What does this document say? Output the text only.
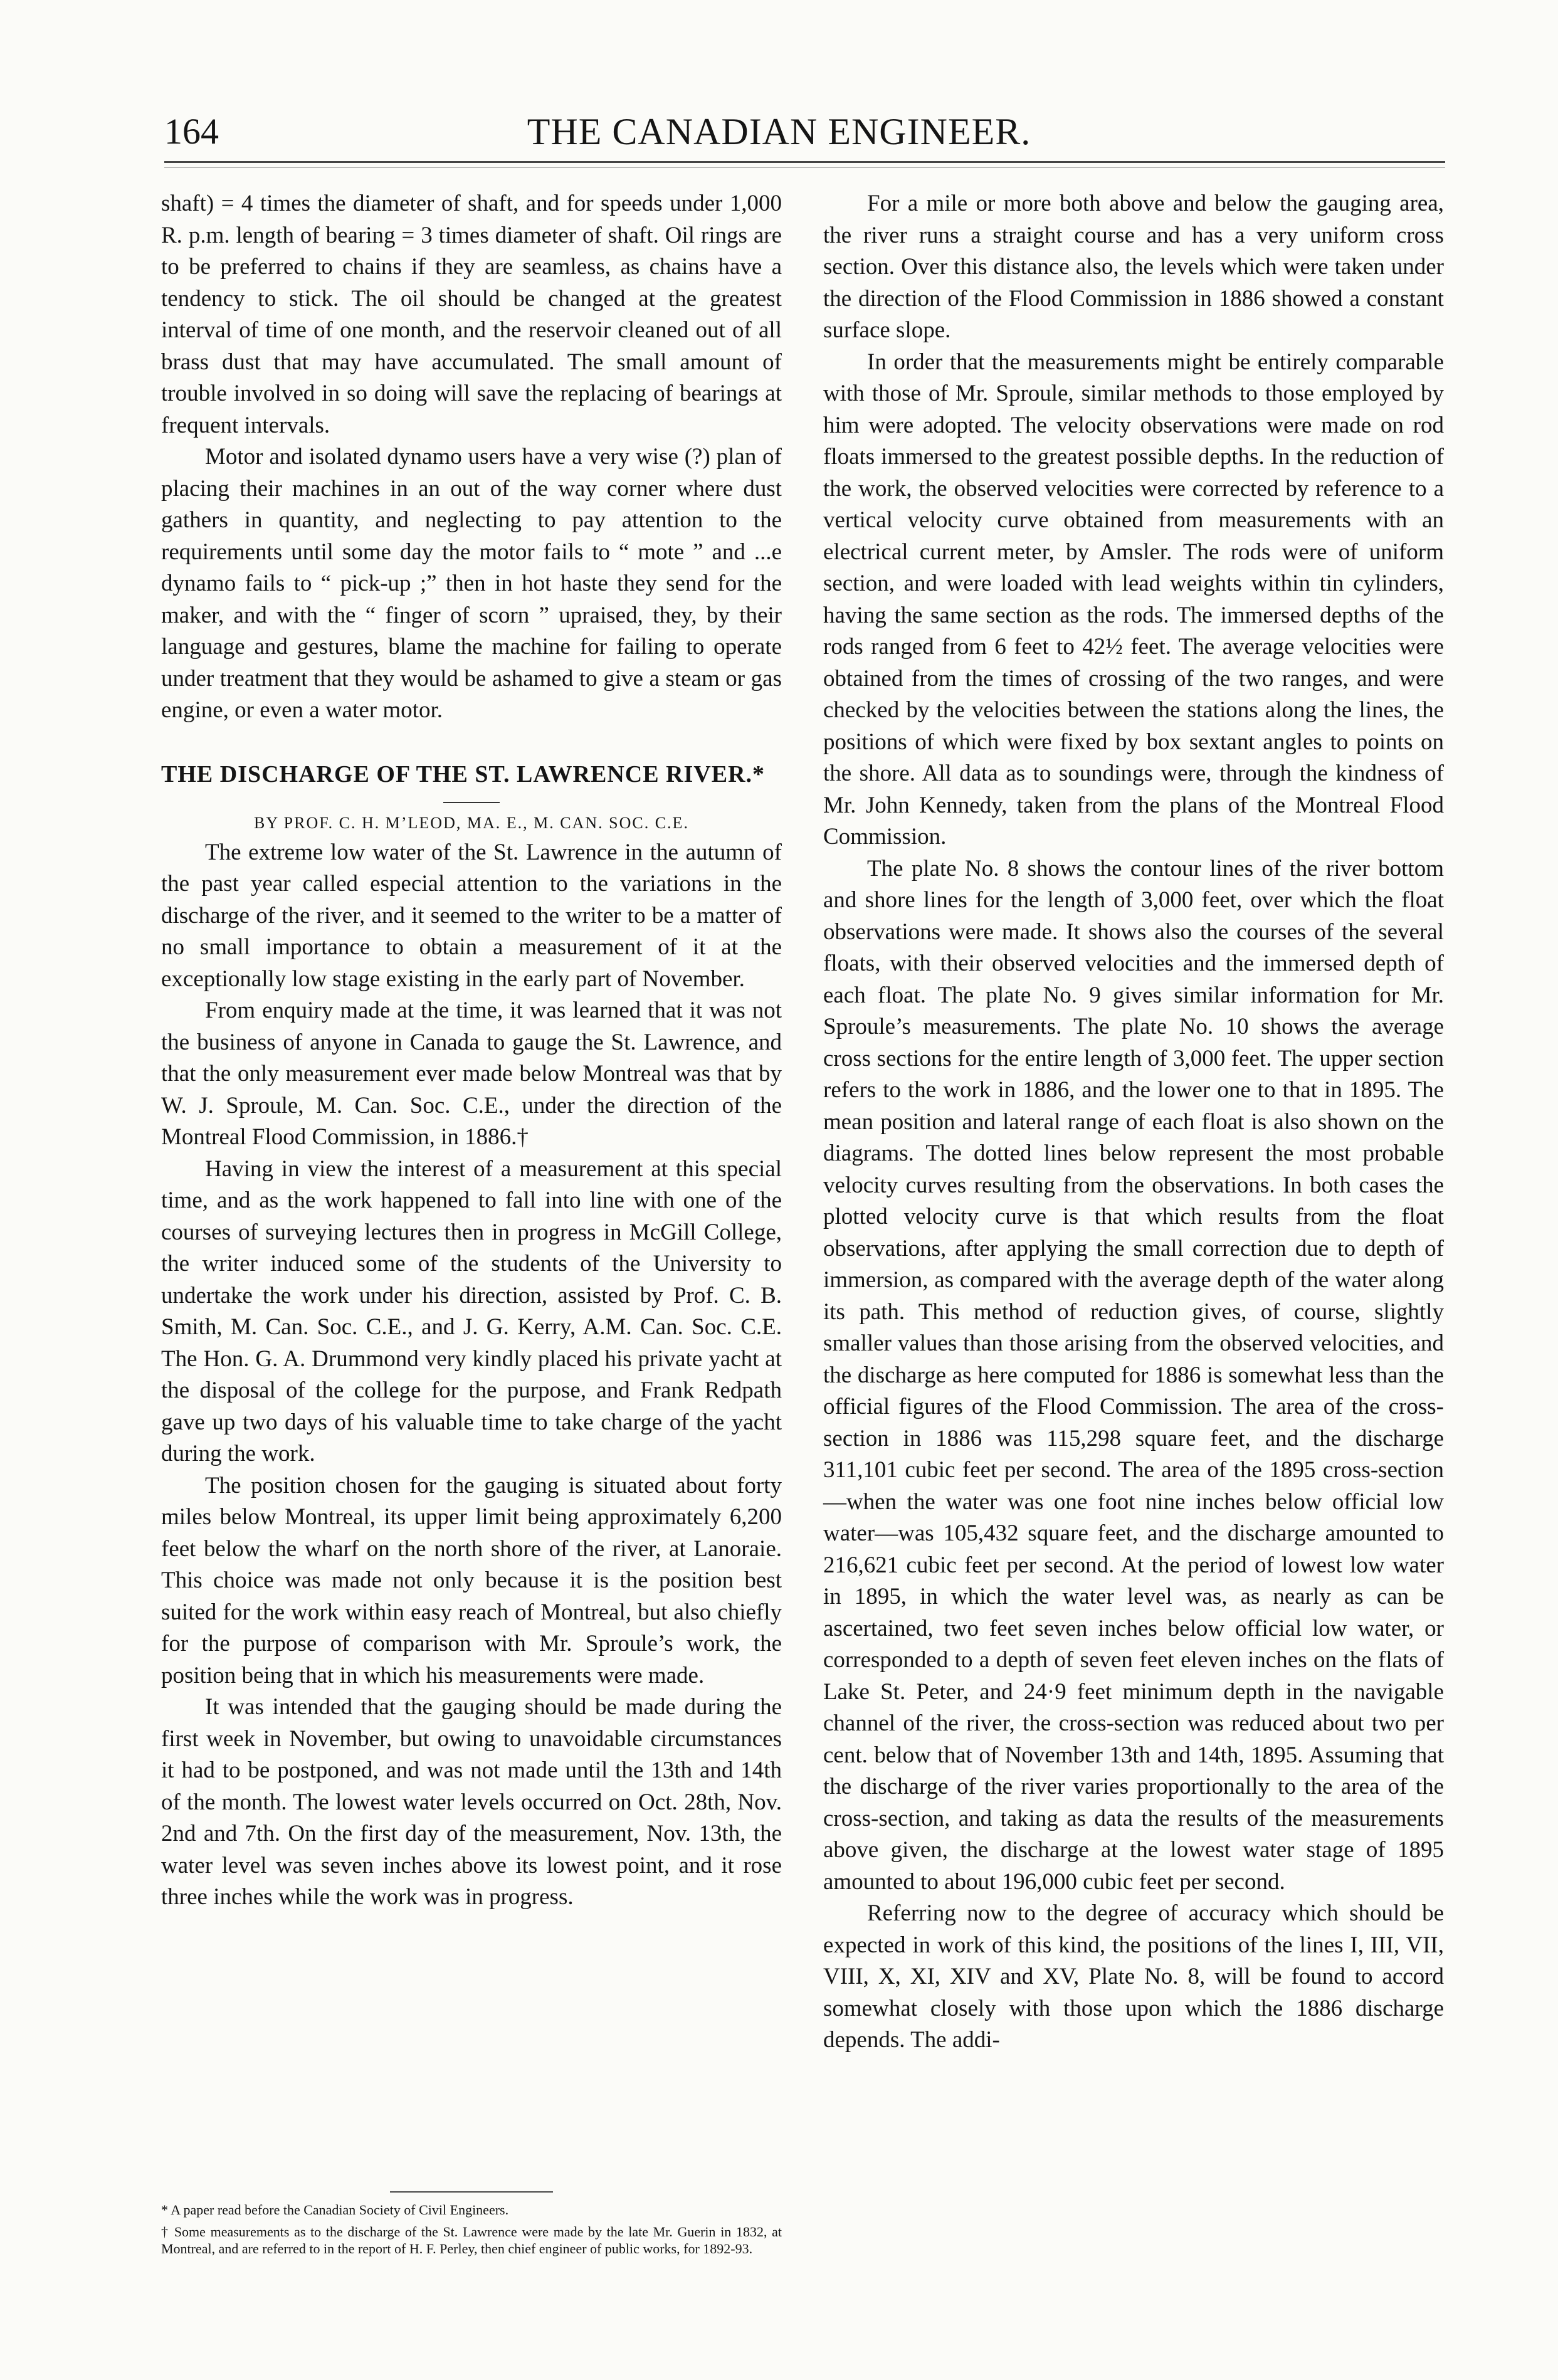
164	THE CANADIAN ENGINEER.

shaft) = 4 times the diameter of shaft, and for speeds under 1,000 R. p.m. length of bearing = 3 times diameter of shaft. Oil rings are to be preferred to chains if they are seamless, as chains have a tendency to stick. The oil should be changed at the greatest interval of time of one month, and the reservoir cleaned out of all brass dust that may have accumulated. The small amount of trouble involved in so doing will save the replacing of bearings at frequent intervals.

Motor and isolated dynamo users have a very wise (?) plan of placing their machines in an out of the way corner where dust gathers in quantity, and neglecting to pay attention to the requirements until some day the motor fails to “ mote ” and ...e dynamo fails to “ pick-up ;” then in hot haste they send for the maker, and with the “ finger of scorn ” upraised, they, by their language and gestures, blame the machine for failing to operate under treatment that they would be ashamed to give a steam or gas engine, or even a water motor.

THE DISCHARGE OF THE ST. LAWRENCE RIVER.*
BY PROF. C. H. M’LEOD, MA. E., M. CAN. SOC. C.E.

The extreme low water of the St. Lawrence in the autumn of the past year called especial attention to the variations in the discharge of the river, and it seemed to the writer to be a matter of no small importance to obtain a measurement of it at the exceptionally low stage existing in the early part of November.

From enquiry made at the time, it was learned that it was not the business of anyone in Canada to gauge the St. Lawrence, and that the only measurement ever made below Montreal was that by W. J. Sproule, M. Can. Soc. C.E., under the direction of the Montreal Flood Commission, in 1886.†

Having in view the interest of a measurement at this special time, and as the work happened to fall into line with one of the courses of surveying lectures then in progress in McGill College, the writer induced some of the students of the University to undertake the work under his direction, assisted by Prof. C. B. Smith, M. Can. Soc. C.E., and J. G. Kerry, A.M. Can. Soc. C.E. The Hon. G. A. Drummond very kindly placed his private yacht at the disposal of the college for the purpose, and Frank Redpath gave up two days of his valuable time to take charge of the yacht during the work.

The position chosen for the gauging is situated about forty miles below Montreal, its upper limit being approximately 6,200 feet below the wharf on the north shore of the river, at Lanoraie. This choice was made not only because it is the position best suited for the work within easy reach of Montreal, but also chiefly for the purpose of comparison with Mr. Sproule’s work, the position being that in which his measurements were made.

It was intended that the gauging should be made during the first week in November, but owing to unavoidable circumstances it had to be postponed, and was not made until the 13th and 14th of the month. The lowest water levels occurred on Oct. 28th, Nov. 2nd and 7th. On the first day of the measurement, Nov. 13th, the water level was seven inches above its lowest point, and it rose three inches while the work was in progress.

* A paper read before the Canadian Society of Civil Engineers.

† Some measurements as to the discharge of the St. Lawrence were made by the late Mr. Guerin in 1832, at Montreal, and are referred to in the report of H. F. Perley, then chief engineer of public works, for 1892-93.

For a mile or more both above and below the gauging area, the river runs a straight course and has a very uniform cross section. Over this distance also, the levels which were taken under the direction of the Flood Commission in 1886 showed a constant surface slope.

In order that the measurements might be entirely comparable with those of Mr. Sproule, similar methods to those employed by him were adopted. The velocity observations were made on rod floats immersed to the greatest possible depths. In the reduction of the work, the observed velocities were corrected by reference to a vertical velocity curve obtained from measurements with an electrical current meter, by Amsler. The rods were of uniform section, and were loaded with lead weights within tin cylinders, having the same section as the rods. The immersed depths of the rods ranged from 6 feet to 42½ feet. The average velocities were obtained from the times of crossing of the two ranges, and were checked by the velocities between the stations along the lines, the positions of which were fixed by box sextant angles to points on the shore. All data as to soundings were, through the kindness of Mr. John Kennedy, taken from the plans of the Montreal Flood Commission.

The plate No. 8 shows the contour lines of the river bottom and shore lines for the length of 3,000 feet, over which the float observations were made. It shows also the courses of the several floats, with their observed velocities and the immersed depth of each float. The plate No. 9 gives similar information for Mr. Sproule’s measurements. The plate No. 10 shows the average cross sections for the entire length of 3,000 feet. The upper section refers to the work in 1886, and the lower one to that in 1895. The mean position and lateral range of each float is also shown on the diagrams. The dotted lines below represent the most probable velocity curves resulting from the observations. In both cases the plotted velocity curve is that which results from the float observations, after applying the small correction due to depth of immersion, as compared with the average depth of the water along its path. This method of reduction gives, of course, slightly smaller values than those arising from the observed velocities, and the discharge as here computed for 1886 is somewhat less than the official figures of the Flood Commission. The area of the cross-section in 1886 was 115,298 square feet, and the discharge 311,101 cubic feet per second. The area of the 1895 cross-section—when the water was one foot nine inches below official low water—was 105,432 square feet, and the discharge amounted to 216,621 cubic feet per second. At the period of lowest low water in 1895, in which the water level was, as nearly as can be ascertained, two feet seven inches below official low water, or corresponded to a depth of seven feet eleven inches on the flats of Lake St. Peter, and 24·9 feet minimum depth in the navigable channel of the river, the cross-section was reduced about two per cent. below that of November 13th and 14th, 1895. Assuming that the discharge of the river varies proportionally to the area of the cross-section, and taking as data the results of the measurements above given, the discharge at the lowest water stage of 1895 amounted to about 196,000 cubic feet per second.

Referring now to the degree of accuracy which should be expected in work of this kind, the positions of the lines I, III, VII, VIII, X, XI, XIV and XV, Plate No. 8, will be found to accord somewhat closely with those upon which the 1886 discharge depends. The addi-
